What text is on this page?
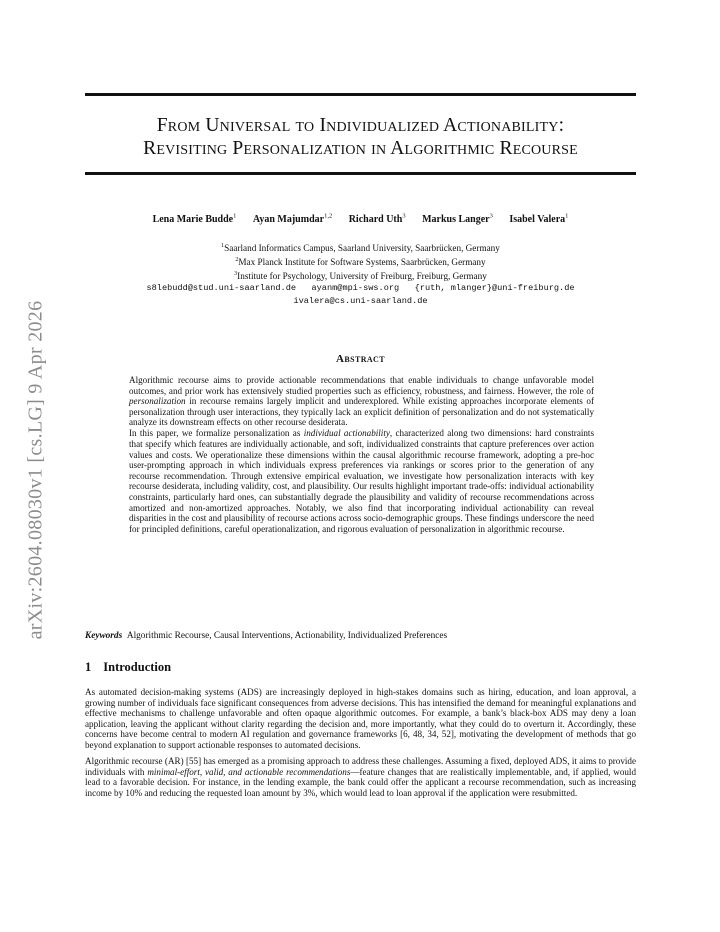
arXiv:2604.08030v1 [cs.LG] 9 Apr 2026
From Universal to Individualized Actionability:
Revisiting Personalization in Algorithmic Recourse
Lena Marie Budde$^1$ Ayan Majumdar$^{1,2}$ Richard Uth$^3$ Markus Langer$^3$ Isabel Valera$^1$
$^1$Saarland Informatics Campus, Saarland University, Saarbrücken, Germany
$^2$Max Planck Institute for Software Systems, Saarbrücken, Germany
$^3$Institute for Psychology, University of Freiburg, Freiburg, Germany
s8lebudd@stud.uni-saarland.de   ayanm@mpi-sws.org   {ruth, mlanger}@uni-freiburg.de
ivalera@cs.uni-saarland.de
Abstract

Algorithmic recourse aims to provide actionable recommendations that enable individuals to change unfavorable model outcomes, and prior work has extensively studied properties such as efficiency, robustness, and fairness. However, the role of personalization in recourse remains largely implicit and underexplored. While existing approaches incorporate elements of personalization through user interactions, they typically lack an explicit definition of personalization and do not systematically analyze its downstream effects on other recourse desiderata.

In this paper, we formalize personalization as individual actionability, characterized along two dimensions: hard constraints that specify which features are individually actionable, and soft, individualized constraints that capture preferences over action values and costs. We operationalize these dimensions within the causal algorithmic recourse framework, adopting a pre-hoc user-prompting approach in which individuals express preferences via rankings or scores prior to the generation of any recourse recommendation. Through extensive empirical evaluation, we investigate how personalization interacts with key recourse desiderata, including validity, cost, and plausibility. Our results highlight important trade-offs: individual actionability constraints, particularly hard ones, can substantially degrade the plausibility and validity of recourse recommendations across amortized and non-amortized approaches. Notably, we also find that incorporating individual actionability can reveal disparities in the cost and plausibility of recourse actions across socio-demographic groups. These findings underscore the need for principled definitions, careful operationalization, and rigorous evaluation of personalization in algorithmic recourse.

Keywords Algorithmic Recourse, Causal Interventions, Actionability, Individualized Preferences
1 Introduction

As automated decision-making systems (ADS) are increasingly deployed in high-stakes domains such as hiring, education, and loan approval, a growing number of individuals face significant consequences from adverse decisions. This has intensified the demand for meaningful explanations and effective mechanisms to challenge unfavorable and often opaque algorithmic outcomes. For example, a bank’s black-box ADS may deny a loan application, leaving the applicant without clarity regarding the decision and, more importantly, what they could do to overturn it. Accordingly, these concerns have become central to modern AI regulation and governance frameworks [6, 48, 34, 52], motivating the development of methods that go beyond explanation to support actionable responses to automated decisions.

Algorithmic recourse (AR) [55] has emerged as a promising approach to address these challenges. Assuming a fixed, deployed ADS, it aims to provide individuals with minimal-effort, valid, and actionable recommendations—feature changes that are realistically implementable, and, if applied, would lead to a favorable decision. For instance, in the lending example, the bank could offer the applicant a recourse recommendation, such as increasing income by 10% and reducing the requested loan amount by 3%, which would lead to loan approval if the application were resubmitted.
